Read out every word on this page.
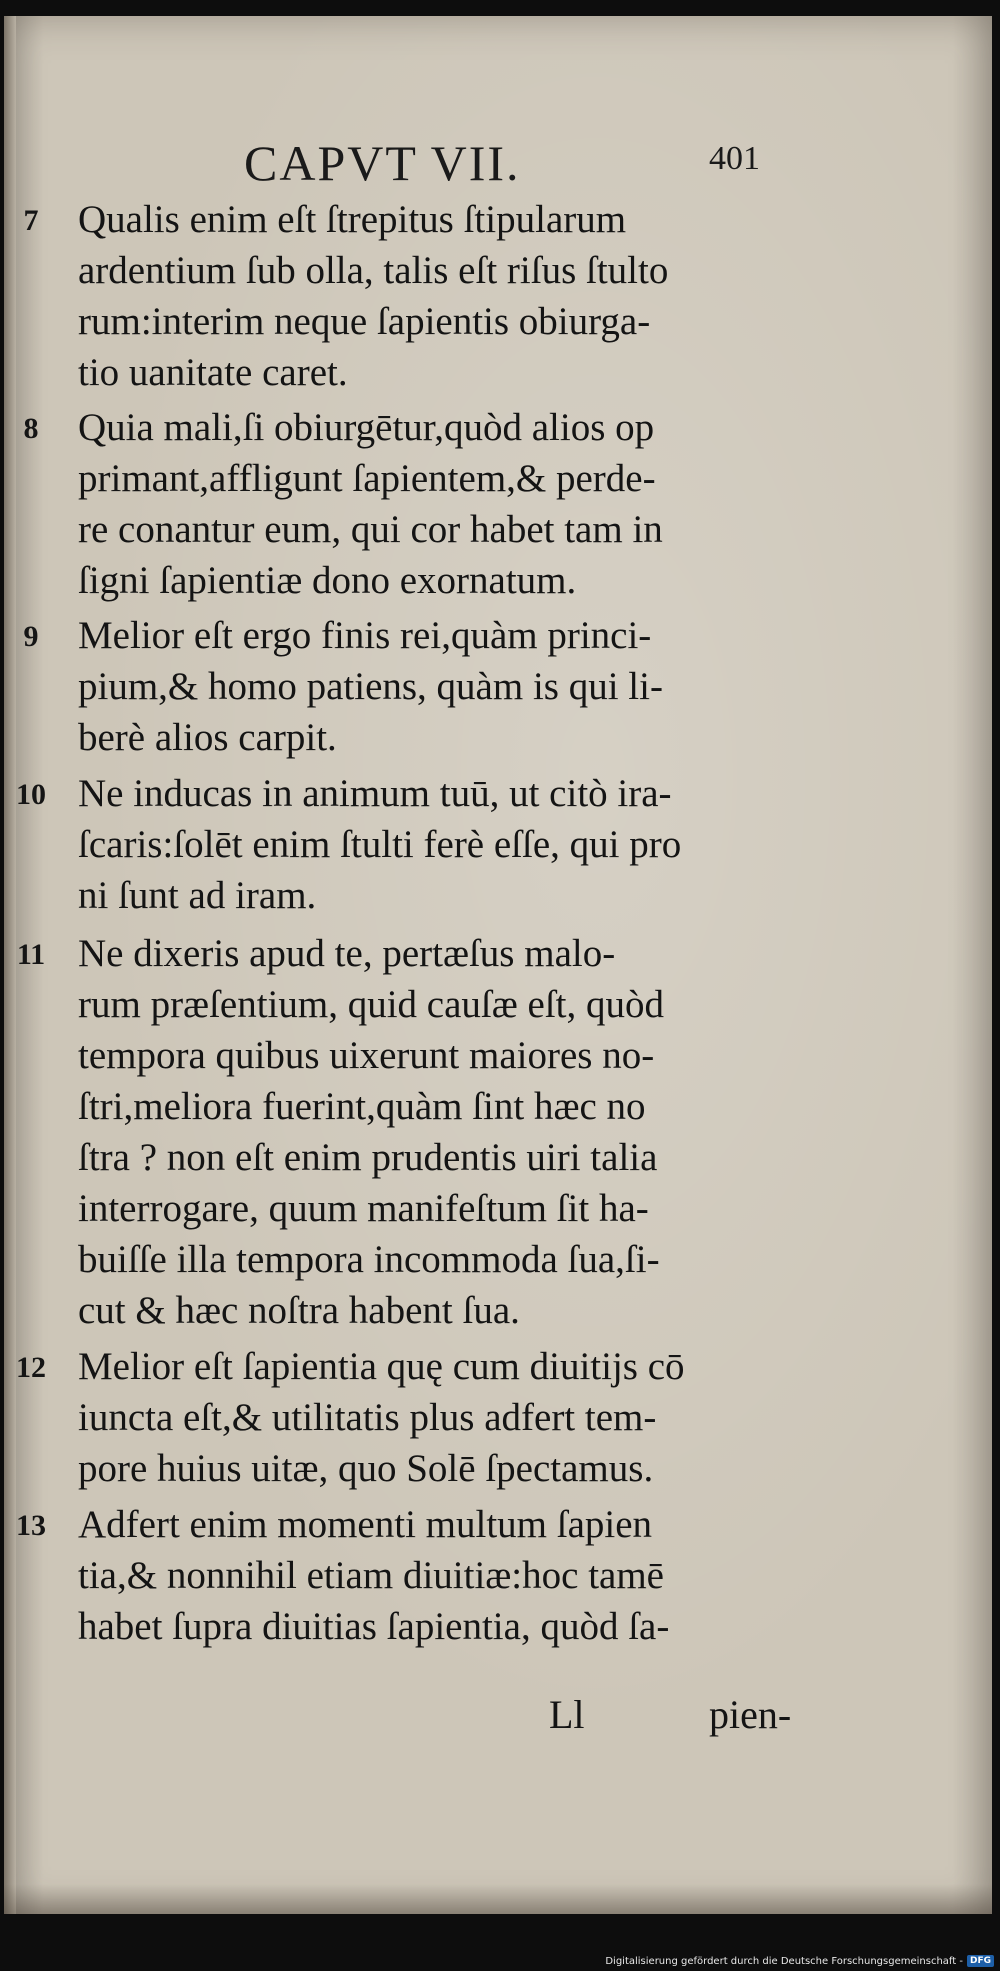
CAPVT VII.	401
7	Qualis enim eſt ſtrepitus ſtipularum
ardentium ſub olla, talis eſt riſus ſtulto
rum:interim neque ſapientis obiurga-
tio uanitate caret.
8	Quia mali,ſi obiurgētur,quòd alios op
primant,affligunt ſapientem,& perde-
re conantur eum, qui cor habet tam in
ſigni ſapientiæ dono exornatum.
9	Melior eſt ergo finis rei,quàm princi-
pium,& homo patiens, quàm is qui li-
berè alios carpit.
10 Ne inducas in animum tuū, ut citò ira-
ſcaris:ſolēt enim ſtulti ferè eſſe, qui pro
ni ſunt ad iram.
11 Ne dixeris apud te, pertæſus malo-
rum præſentium, quid cauſæ eſt, quòd
tempora quibus uixerunt maiores no-
ſtri,meliora fuerint,quàm ſint hæc no
ſtra ? non eſt enim prudentis uiri talia
interrogare, quum manifeſtum ſit ha-
buiſſe illa tempora incommoda ſua,ſi-
cut & hæc noſtra habent ſua.
12 Melior eſt ſapientia quę cum diuitijs cō
iuncta eſt,& utilitatis plus adfert tem-
pore huius uitæ, quo Solē ſpectamus.
13 Adfert enim momenti multum ſapien
tia,& nonnihil etiam diuitiæ:hoc tamē
habet ſupra diuitias ſapientia, quòd ſa-
Ll	pien-
Digitalisierung gefördert durch die Deutsche Forschungsgemeinschaft - DFG
